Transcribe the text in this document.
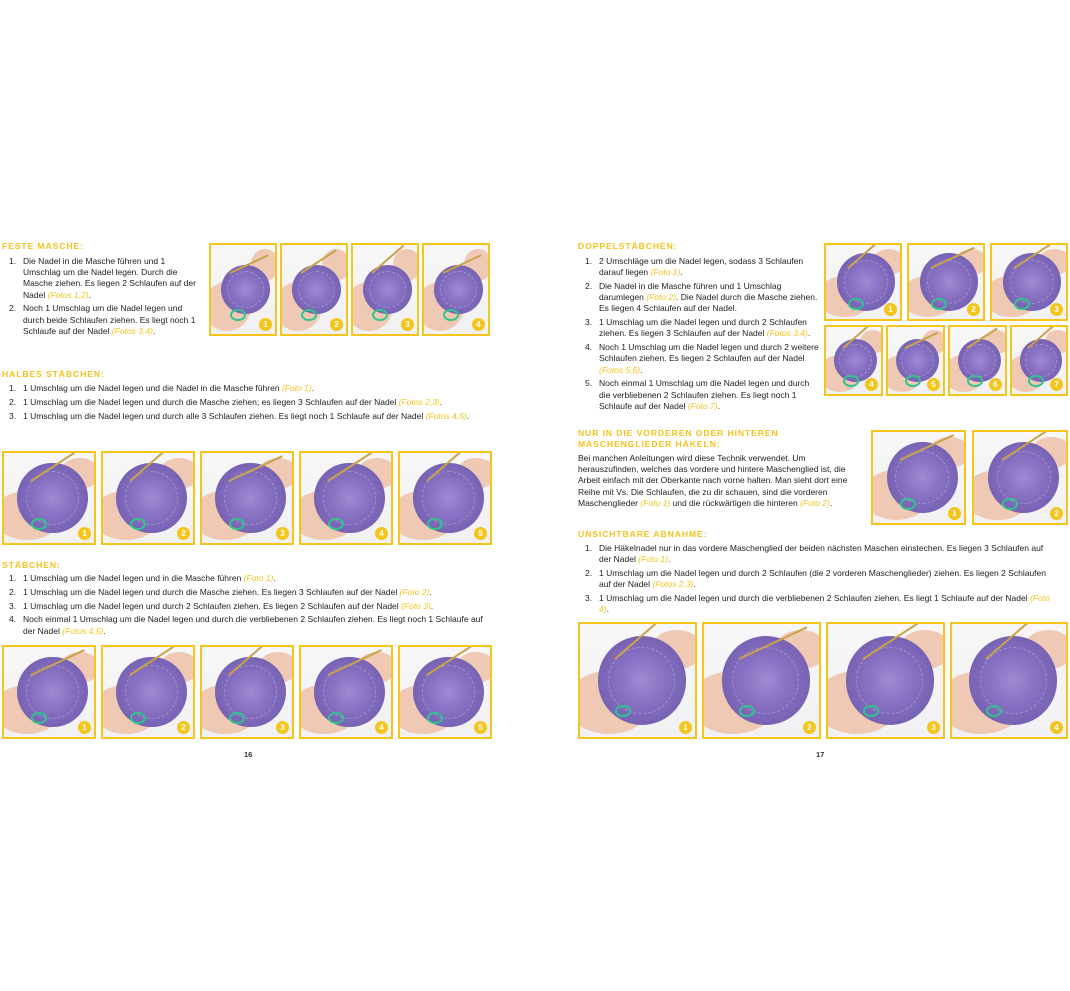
FESTE MASCHE:
1. Die Nadel in die Masche führen und 1 Umschlag um die Nadel legen. Durch die Masche ziehen. Es liegen 2 Schlaufen auf der Nadel (Fotos 1,2).
2. Noch 1 Umschlag um die Nadel legen und durch beide Schlaufen ziehen. Es liegt noch 1 Schlaufe auf der Nadel (Fotos 3,4).
1	2	3	4
HALBES STÄBCHEN:
1. 1 Umschlag um die Nadel legen und die Nadel in die Masche führen (Foto 1).
2. 1 Umschlag um die Nadel legen und durch die Masche ziehen; es liegen 3 Schlaufen auf der Nadel (Fotos 2,3).
3. 1 Umschlag um die Nadel legen und durch alle 3 Schlaufen ziehen. Es liegt noch 1 Schlaufe auf der Nadel (Fotos 4,5).
1	2	3	4	5
STÄBCHEN:
1. 1 Umschlag um die Nadel legen und in die Masche führen (Foto 1).
2. 1 Umschlag um die Nadel legen und durch die Masche ziehen. Es liegen 3 Schlaufen auf der Nadel (Foto 2).
3. 1 Umschlag um die Nadel legen und durch 2 Schlaufen ziehen. Es liegen 2 Schlaufen auf der Nadel (Foto 3).
4. Noch einmal 1 Umschlag um die Nadel legen und durch die verbliebenen 2 Schlaufen ziehen. Es liegt noch 1 Schlaufe auf der Nadel (Fotos 4,5).
1	2	3	4	5
16
DOPPELSTÄBCHEN:
1. 2 Umschläge um die Nadel legen, sodass 3 Schlaufen darauf liegen (Foto 1).
2. Die Nadel in die Masche führen und 1 Umschlag darumlegen (Foto 2). Die Nadel durch die Masche ziehen. Es liegen 4 Schlaufen auf der Nadel.
3. 1 Umschlag um die Nadel legen und durch 2 Schlaufen ziehen. Es liegen 3 Schlaufen auf der Nadel (Fotos 3,4).
4. Noch 1 Umschlag um die Nadel legen und durch 2 weitere Schlaufen ziehen. Es liegen 2 Schlaufen auf der Nadel (Fotos 5,6).
5. Noch einmal 1 Umschlag um die Nadel legen und durch die verbliebenen 2 Schlaufen ziehen. Es liegt noch 1 Schlaufe auf der Nadel (Foto 7).
1	2	3
4	5	6	7
NUR IN DIE VORDEREN ODER HINTEREN MASCHENGLIEDER HÄKELN:

Bei manchen Anleitungen wird diese Technik verwendet. Um herauszufinden, welches das vordere und hintere Maschenglied ist, die Arbeit einfach mit der Oberkante nach vorne halten. Man sieht dort eine Reihe mit Vs. Die Schlaufen, die zu dir schauen, sind die vorderen Maschenglieder (Foto 1) und die rückwärtigen die hinteren (Foto 2).

1	2
UNSICHTBARE ABNAHME:
1. Die Häkelnadel nur in das vordere Maschenglied der beiden nächsten Maschen einstechen. Es liegen 3 Schlaufen auf der Nadel (Foto 1).
2. 1 Umschlag um die Nadel legen und durch 2 Schlaufen (die 2 vorderen Maschenglieder) ziehen. Es liegen 2 Schlaufen auf der Nadel (Fotos 2,3).
3. 1 Umschlag um die Nadel legen und durch die verbliebenen 2 Schlaufen ziehen. Es liegt 1 Schlaufe auf der Nadel (Foto 4).
1	2	3	4
17
